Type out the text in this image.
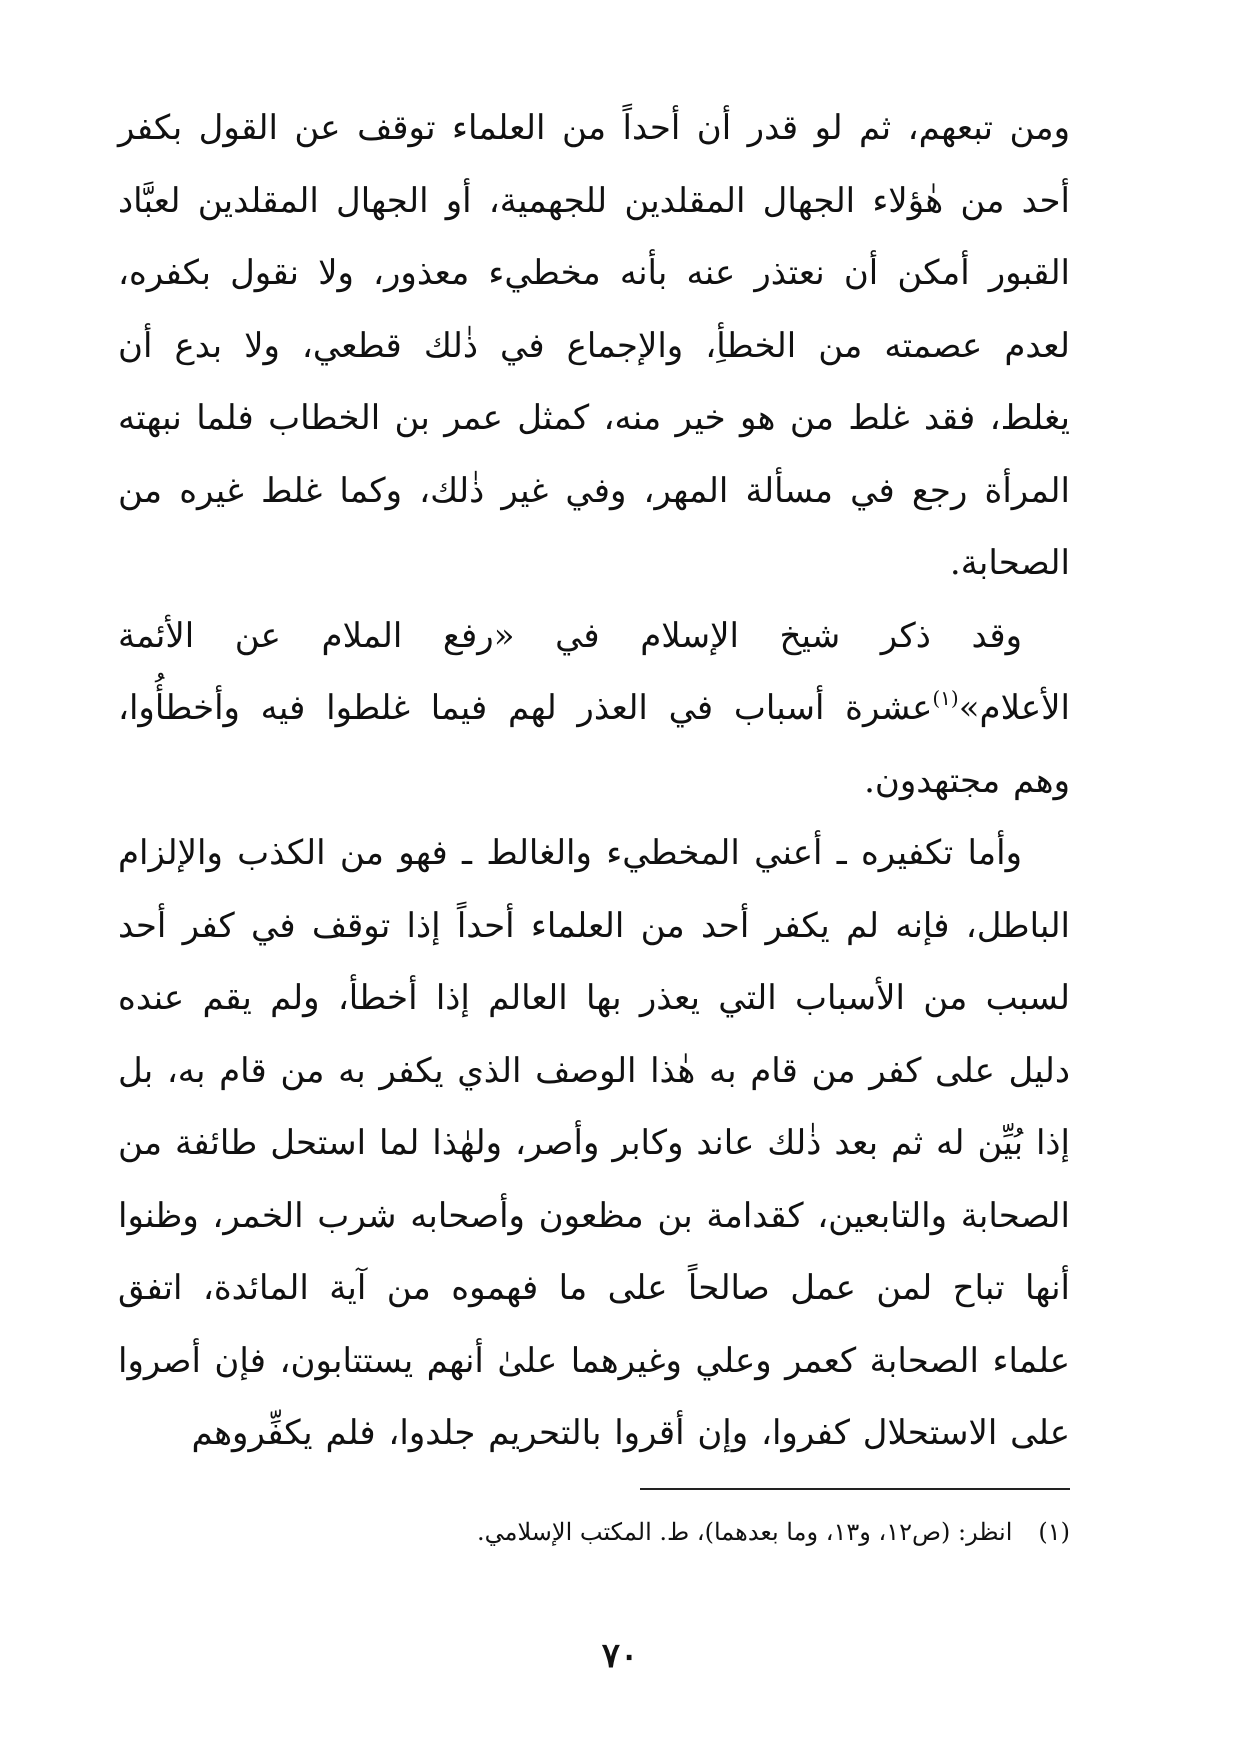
ومن تبعهم، ثم لو قدر أن أحداً من العلماء توقف عن القول بكفر أحد من هٰؤلاء الجهال المقلدين للجهمية، أو الجهال المقلدين لعبَّاد القبور أمكن أن نعتذر عنه بأنه مخطيء معذور، ولا نقول بكفره، لعدم عصمته من الخطأِ، والإجماع في ذٰلك قطعي، ولا بدع أن يغلط، فقد غلط من هو خير منه، كمثل عمر بن الخطاب فلما نبهته المرأة رجع في مسألة المهر، وفي غير ذٰلك، وكما غلط غيره من الصحابة.

وقد ذكر شيخ الإسلام في «رفع الملام عن الأئمة الأعلام»$^{(١)}$عشرة أسباب في العذر لهم فيما غلطوا فيه وأخطأُوا، وهم مجتهدون.

وأما تكفيره ـ أعني المخطيء والغالط ـ فهو من الكذب والإلزام الباطل، فإنه لم يكفر أحد من العلماء أحداً إذا توقف في كفر أحد لسبب من الأسباب التي يعذر بها العالم إذا أخطأ، ولم يقم عنده دليل على كفر من قام به هٰذا الوصف الذي يكفر به من قام به، بل إذا بُيِّن له ثم بعد ذٰلك عاند وكابر وأصر، ولهٰذا لما استحل طائفة من الصحابة والتابعين، كقدامة بن مظعون وأصحابه شرب الخمر، وظنوا أنها تباح لمن عمل صالحاً على ما فهموه من آية المائدة، اتفق علماء الصحابة كعمر وعلي وغيرهما علىٰ أنهم يستتابون، فإن أصروا على الاستحلال كفروا، وإن أقروا بالتحريم جلدوا، فلم يكفِّروهم

(١)انظر: (ص١٢، و١٣، وما بعدهما)، ط. المكتب الإسلامي.
٧٠
